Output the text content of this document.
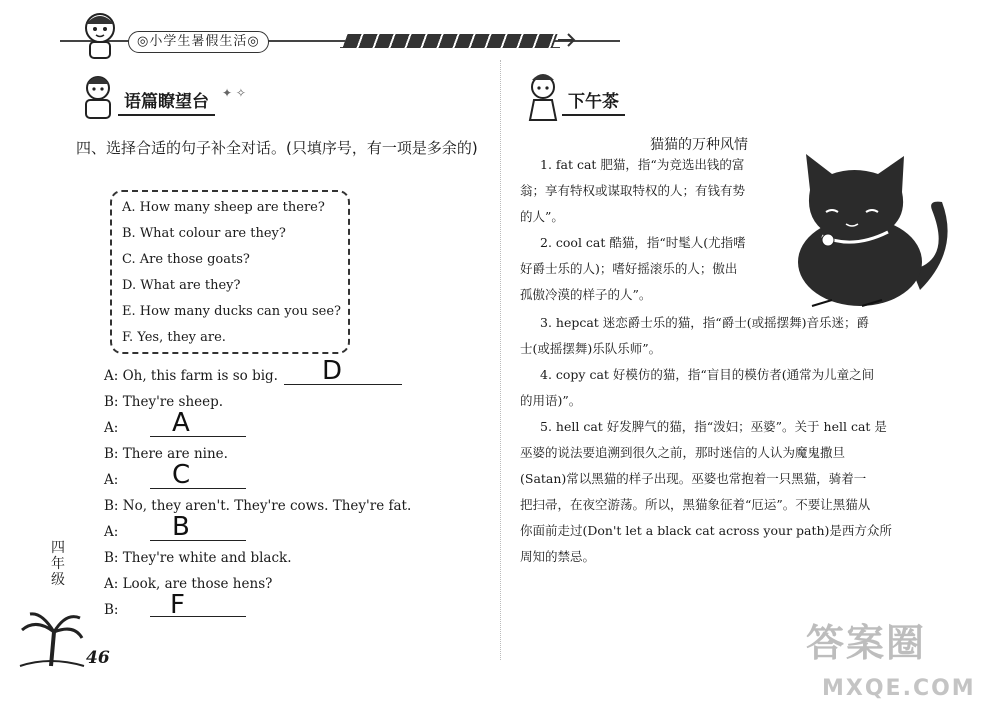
◎小学生暑假生活◎
语篇瞭望台	✦ ✧
四、选择合适的句子补全对话。(只填序号，有一项是多余的)
A. How many sheep are there?
B. What colour are they?
C. Are those goats?
D. What are they?
E. How many ducks can you see?
F. Yes, they are.
A: Oh, this farm is so big. D
B: They're sheep.
A: A
B: There are nine.
A: C
B: No, they aren't. They're cows. They're fat.
A: B
B: They're white and black.
A: Look, are those hens?
B: F
四年级
46
下午茶
猫猫的万种风情
1. fat cat 肥猫，指“为竞选出钱的富
翁；享有特权或谋取特权的人；有钱有势
的人”。
2. cool cat 酷猫，指“时髦人(尤指嗜
好爵士乐的人)；嗜好摇滚乐的人；傲出
孤傲冷漠的样子的人”。
3. hepcat 迷恋爵士乐的猫，指“爵士(或摇摆舞)音乐迷；爵
士(或摇摆舞)乐队乐师”。
4. copy cat 好模仿的猫，指“盲目的模仿者(通常为儿童之间
的用语)”。
5. hell cat 好发脾气的猫，指“泼妇；巫婆”。关于 hell cat 是
巫婆的说法要追溯到很久之前，那时迷信的人认为魔鬼撒旦
(Satan)常以黑猫的样子出现。巫婆也常抱着一只黑猫，骑着一
把扫帚，在夜空游荡。所以，黑猫象征着“厄运”。不要让黑猫从
你面前走过(Don't let a black cat across your path)是西方众所
周知的禁忌。
答案圈
MXQE.COM
